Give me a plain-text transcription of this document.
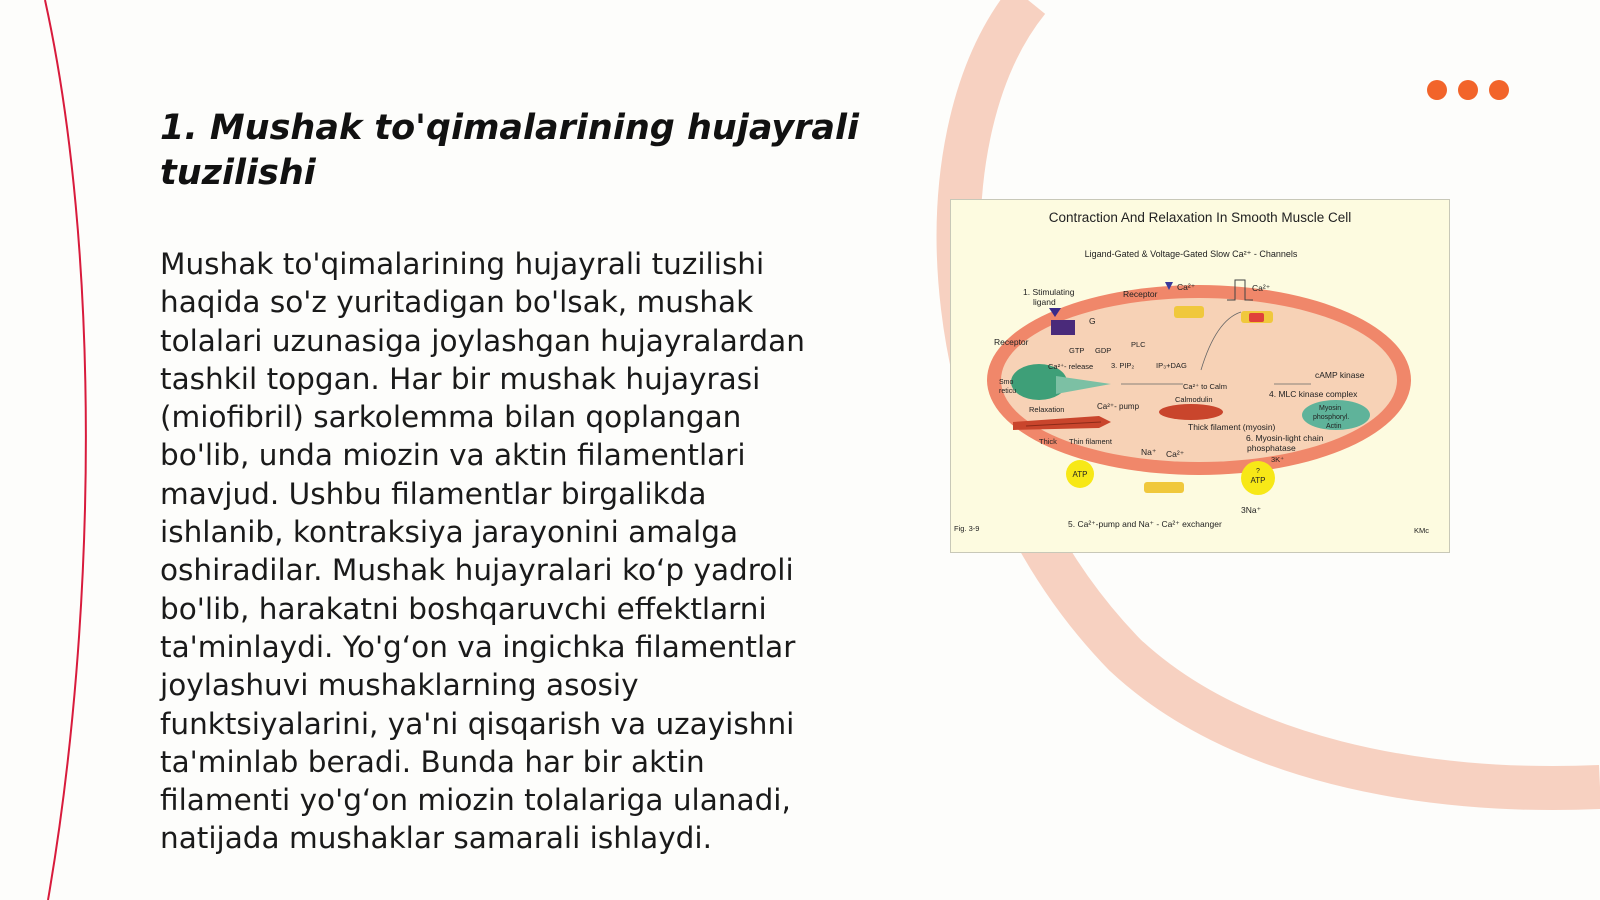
1. Mushak to'qimalarining hujayrali tuzilishi

Mushak to'qimalarining hujayrali tuzilishi haqida so'z yuritadigan bo'lsak, mushak tolalari uzunasiga joylashgan hujayralardan tashkil topgan. Har bir mushak hujayrasi (miofibril) sarkolemma bilan qoplangan bo'lib, unda miozin va aktin filamentlari mavjud. Ushbu filamentlar birgalikda ishlanib, kontraksiya jarayonini amalga oshiradilar. Mushak hujayralari ko‘p yadroli bo'lib, harakatni boshqaruvchi effektlarni ta'minlaydi. Yo'g‘on va ingichka filamentlar joylashuvi mushaklarning asosiy funktsiyalarini, ya'ni qisqarish va uzayishni ta'minlab beradi. Bunda har bir aktin filamenti yo'g‘on miozin tolalariga ulanadi, natijada mushaklar samarali ishlaydi.

Contraction And Relaxation In Smooth Muscle Cell
Ligand-Gated & Voltage-Gated Slow Ca²⁺ - Channels
1. Stimulating
ligand
Receptor
Ca²⁺	Ca²⁺
Receptor
G
GTP GDP
PLC
Ca²⁺- release 3. PIP₂	IP₃+DAG
cAMP kinase
4. MLC kinase complex
Smo
reticu
Ca²⁺ to Calm
Calmodulin
Ca²⁺- pump
Relaxation
Thick filament (myosin)
Myosin
phosphoryl.
Actin
Thick Thin filament	6. Myosin-light chain
phosphatase
Na⁺ Ca²⁺
3K⁺
ATP	?
ATP
3Na⁺
5. Ca²⁺-pump and Na⁺ - Ca²⁺ exchanger
Fig. 3-9	KMc
